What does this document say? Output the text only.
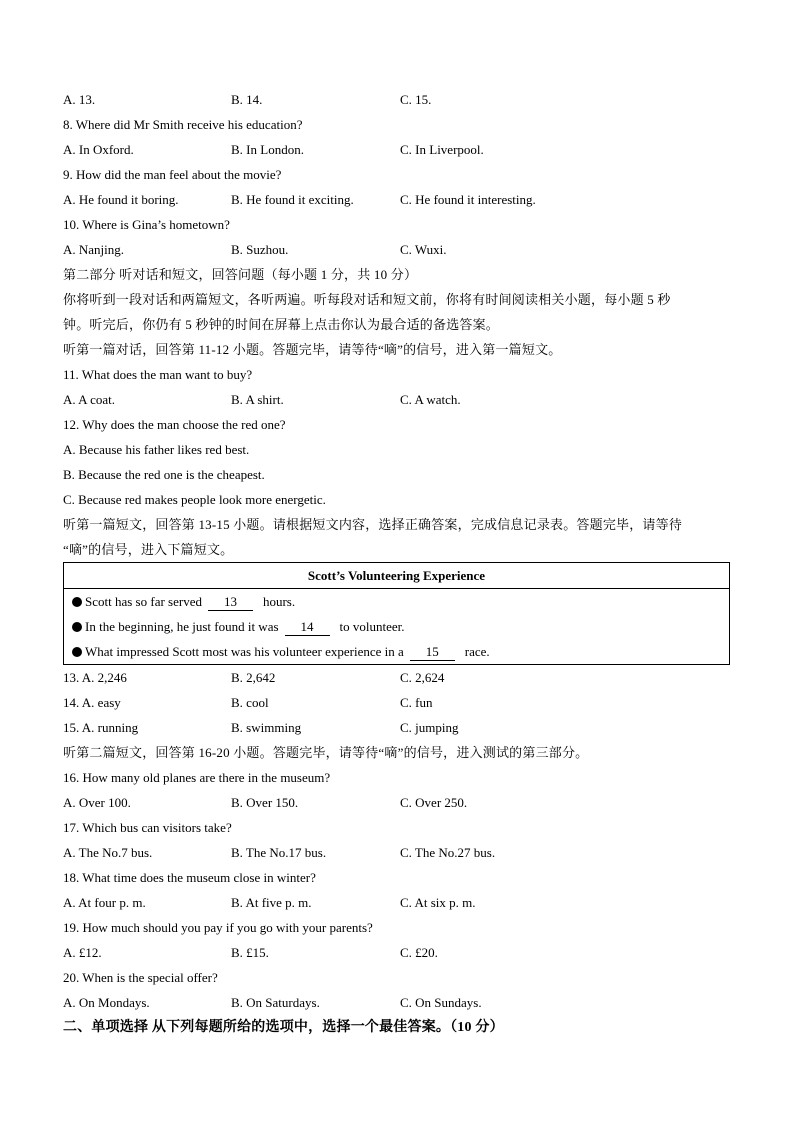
A. 13.	B. 14.	C. 15.
8. Where did Mr Smith receive his education?
A. In Oxford.	B. In London.	C. In Liverpool.
9. How did the man feel about the movie?
A. He found it boring.	B. He found it exciting.	C. He found it interesting.
10. Where is Gina’s hometown?
A. Nanjing.	B. Suzhou.	C. Wuxi.
第二部分 听对话和短文，回答问题（每小题 1 分，共 10 分）
你将听到一段对话和两篇短文，各听两遍。听每段对话和短文前，你将有时间阅读相关小题，每小题 5 秒
钟。听完后，你仍有 5 秒钟的时间在屏幕上点击你认为最合适的备选答案。
听第一篇对话，回答第 11-12 小题。答题完毕，请等待“嘀”的信号，进入第一篇短文。
11. What does the man want to buy?
A. A coat.	B. A shirt.	C. A watch.
12. Why does the man choose the red one?
A. Because his father likes red best.
B. Because the red one is the cheapest.
C. Because red makes people look more energetic.
听第一篇短文，回答第 13-15 小题。请根据短文内容，选择正确答案，完成信息记录表。答题完毕，请等待
“嘀”的信号，进入下篇短文。
Scott’s Volunteering Experience
Scott has so far served 13 hours.
In the beginning, he just found it was 14 to volunteer.
What impressed Scott most was his volunteer experience in a 15 race.
13. A. 2,246	B. 2,642	C. 2,624
14. A. easy	B. cool	C. fun
15. A. running	B. swimming	C. jumping
听第二篇短文，回答第 16-20 小题。答题完毕，请等待“嘀”的信号，进入测试的第三部分。
16. How many old planes are there in the museum?
A. Over 100.	B. Over 150.	C. Over 250.
17. Which bus can visitors take?
A. The No.7 bus.	B. The No.17 bus.	C. The No.27 bus.
18. What time does the museum close in winter?
A. At four p. m.	B. At five p. m.	C. At six p. m.
19. How much should you pay if you go with your parents?
A. £12.	B. £15.	C. £20.
20. When is the special offer?
A. On Mondays.	B. On Saturdays.	C. On Sundays.
二、单项选择 从下列每题所给的选项中，选择一个最佳答案。（10 分）
